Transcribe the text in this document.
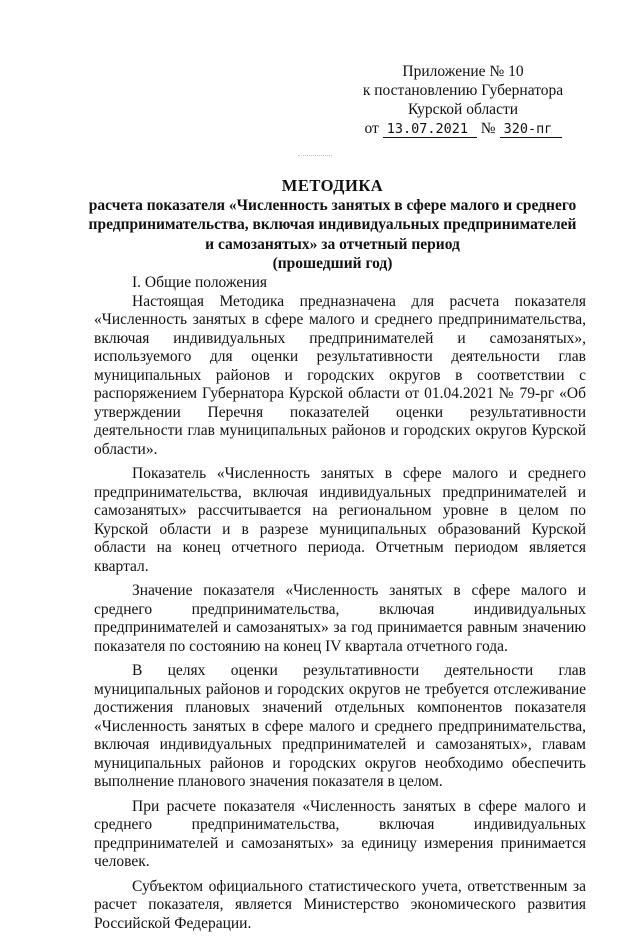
Приложение № 10
к постановлению Губернатора
Курской области
от 13.07.2021 № 320-пг
МЕТОДИКА
расчета показателя «Численность занятых в сфере малого и среднего
предпринимательства, включая индивидуальных предпринимателей
и самозанятых» за отчетный период
(прошедший год)
I. Общие положения

Настоящая Методика предназначена для расчета показателя «Численность занятых в сфере малого и среднего предпринимательства, включая индивидуальных предпринимателей и самозанятых», используемого для оценки результативности деятельности глав муниципальных районов и городских округов в соответствии с распоряжением Губернатора Курской области от 01.04.2021 № 79-рг «Об утверждении Перечня показателей оценки результативности деятельности глав муниципальных районов и городских округов Курской области».

Показатель «Численность занятых в сфере малого и среднего предпринимательства, включая индивидуальных предпринимателей и самозанятых» рассчитывается на региональном уровне в целом по Курской области и в разрезе муниципальных образований Курской области на конец отчетного периода. Отчетным периодом является квартал.

Значение показателя «Численность занятых в сфере малого и среднего предпринимательства, включая индивидуальных предпринимателей и самозанятых» за год принимается равным значению показателя по состоянию на конец IV квартала отчетного года.

В целях оценки результативности деятельности глав муниципальных районов и городских округов не требуется отслеживание достижения плановых значений отдельных компонентов показателя «Численность занятых в сфере малого и среднего предпринимательства, включая индивидуальных предпринимателей и самозанятых», главам муниципальных районов и городских округов необходимо обеспечить выполнение планового значения показателя в целом.

При расчете показателя «Численность занятых в сфере малого и среднего предпринимательства, включая индивидуальных предпринимателей и самозанятых» за единицу измерения принимается человек.

Субъектом официального статистического учета, ответственным за расчет показателя, является Министерство экономического развития Российской Федерации.
